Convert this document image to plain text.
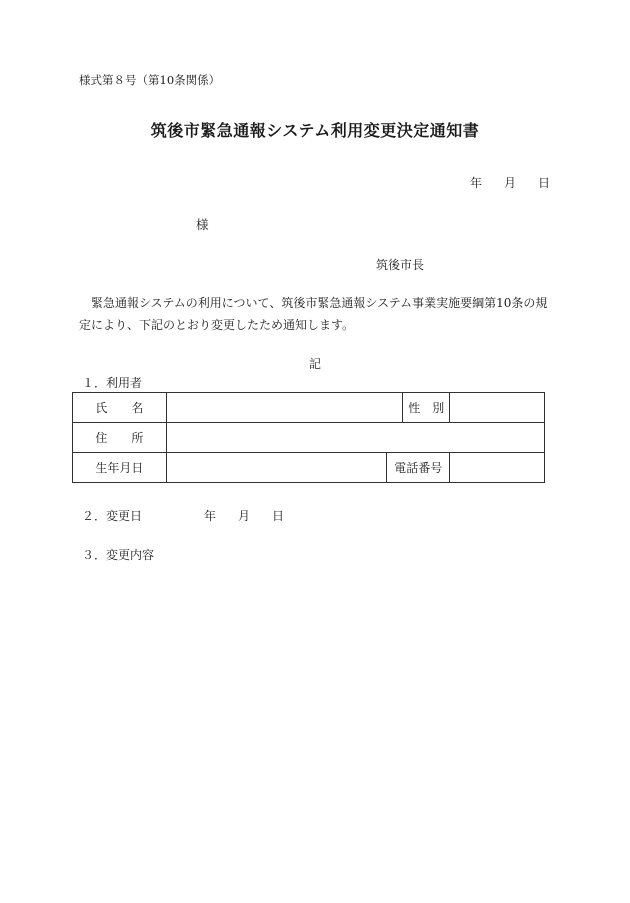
様式第８号（第10条関係）
筑後市緊急通報システム利用変更決定通知書
年 月 日
様
筑後市長
緊急通報システムの利用について、筑後市緊急通報システム事業実施要綱第10条の規定により、下記のとおり変更したため通知します。
記
１．利用者
氏　　名			性　別	
住　　所				
生年月日		電話番号		
２．変更日	年 月 日
３．変更内容
